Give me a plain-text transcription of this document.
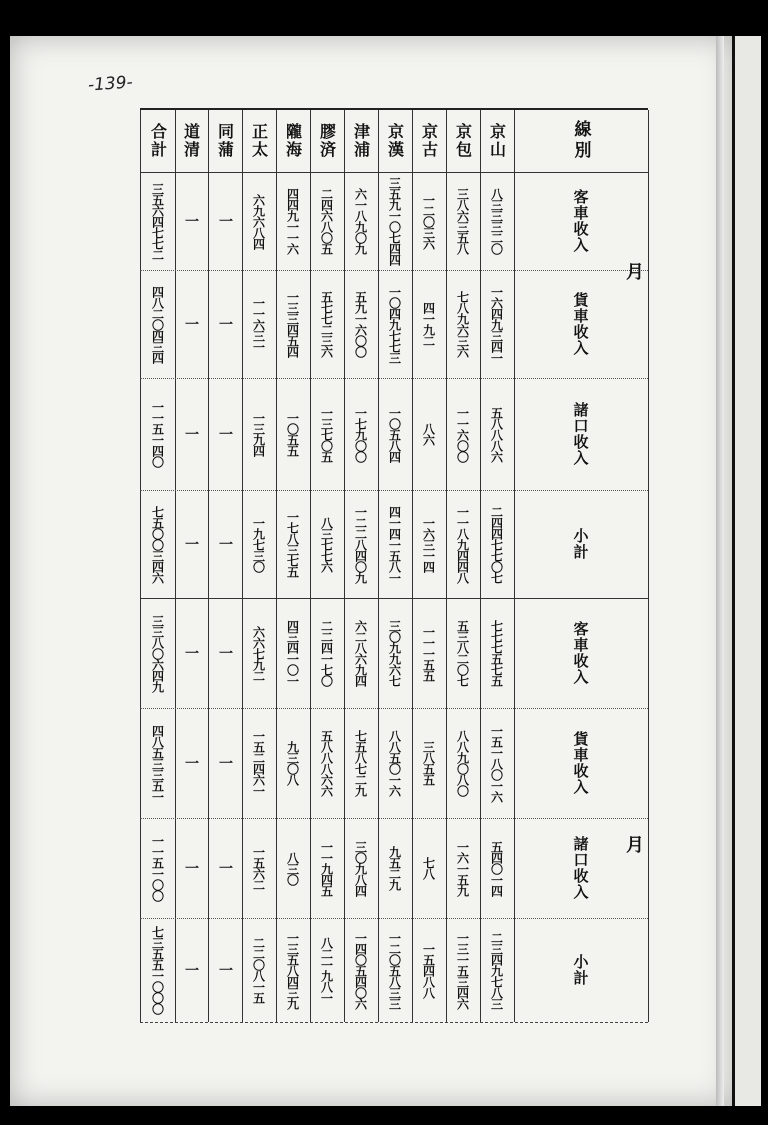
-139-
線別
客車收入
貨車收入
諸口收入
小計
客車收入
貨車收入
諸口收入
小計
京山
八三三三二〇
一六四九三四一
五八八八六
二四四七七〇七
七七七五七五
一五一八〇一六
五四〇一四
二三四九七八三
京包
三八六三五八
七八九六三六
一一六〇〇
一一八九四四八
五三八二〇七
八八九〇八〇
一六一五九
一三一五三四六
京古
一二〇三六
四一九二
八六
一六三一四
一一一五五
三八五五
七八
一五四八八
京漢
三五九一〇七四四
一〇四九七七三
一〇五八四
四一四一五八一
三〇九九六七
八八五〇一六
九五二九
一二〇五八三三
津浦
六一八九〇九
五九一六〇〇
一七九〇〇
一二二八四〇九
六二八六九四
七五八七二九
三〇九八四
一四〇五四〇六
膠済
二四六八〇五
五七七二三六
一三七〇五
八三七七六
二二四一七〇
五八八八六六
一一九四五
八二一九八一
隴海
四四九一一六
一三三四五四
一〇五五
一七八三七五
四三四一〇一
九三〇八
八三〇
一三五八四三九
正太
六九六八四
一一六三一
一三九四
一九七三〇
六六七九二
一五二四六一
一五六二
二二〇八一五
同蒲
一
一
一
一
一
一
一
一
道清
一
一
一
一
一
一
一
一
合計
三五六四七七二
四八二〇四三四
一一五一四〇
七五〇〇三四六
三三八〇六四九
四八五三三五一
一一五一〇〇
七三五五一〇〇〇
月
月
